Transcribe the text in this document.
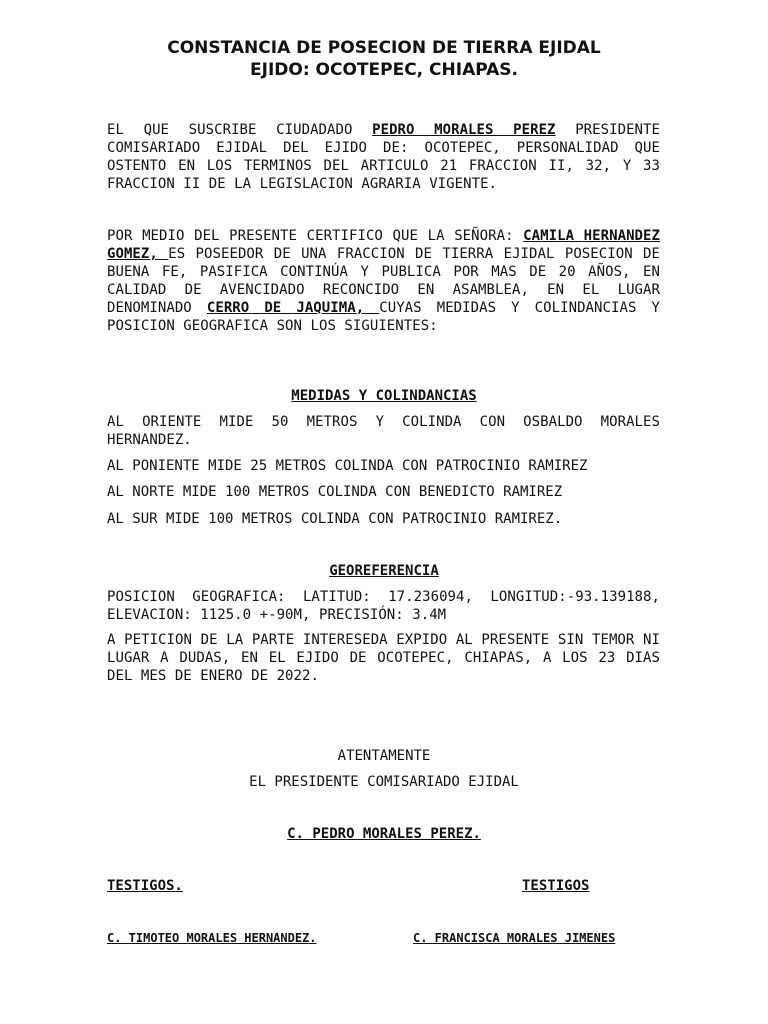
CONSTANCIA DE POSECION DE TIERRA EJIDAL
EJIDO: OCOTEPEC, CHIAPAS.

EL QUE SUSCRIBE CIUDADADO PEDRO MORALES PEREZ PRESIDENTE COMISARIADO EJIDAL DEL EJIDO DE: OCOTEPEC, PERSONALIDAD QUE OSTENTO EN LOS TERMINOS DEL ARTICULO 21 FRACCION II, 32, Y 33 FRACCION II DE LA LEGISLACION AGRARIA VIGENTE.

POR MEDIO DEL PRESENTE CERTIFICO QUE LA SEÑORA: CAMILA HERNANDEZ GOMEZ, ES POSEEDOR DE UNA FRACCION DE TIERRA EJIDAL POSECION DE BUENA FE, PASIFICA CONTINÚA Y PUBLICA POR MAS DE 20 AÑOS, EN CALIDAD DE AVENCIDADO RECONCIDO EN ASAMBLEA, EN EL LUGAR DENOMINADO CERRO DE JAQUIMA, CUYAS MEDIDAS Y COLINDANCIAS Y POSICION GEOGRAFICA SON LOS SIGUIENTES:

MEDIDAS Y COLINDANCIAS

AL ORIENTE MIDE 50 METROS Y COLINDA CON OSBALDO MORALES HERNANDEZ.

AL PONIENTE MIDE 25 METROS COLINDA CON PATROCINIO RAMIREZ

AL NORTE MIDE 100 METROS COLINDA CON BENEDICTO RAMIREZ

AL SUR MIDE 100 METROS COLINDA CON PATROCINIO RAMIREZ.

GEOREFERENCIA

POSICION GEOGRAFICA: LATITUD: 17.236094, LONGITUD:-93.139188, ELEVACION: 1125.0 +-90M, PRECISIÓN: 3.4M

A PETICION DE LA PARTE INTERESEDA EXPIDO AL PRESENTE SIN TEMOR NI LUGAR A DUDAS, EN EL EJIDO DE OCOTEPEC, CHIAPAS, A LOS 23 DIAS DEL MES DE ENERO DE 2022.

ATENTAMENTE

EL PRESIDENTE COMISARIADO EJIDAL

C. PEDRO MORALES PEREZ.

TESTIGOS.	TESTIGOS

C. TIMOTEO MORALES HERNANDEZ.	C. FRANCISCA MORALES JIMENES
